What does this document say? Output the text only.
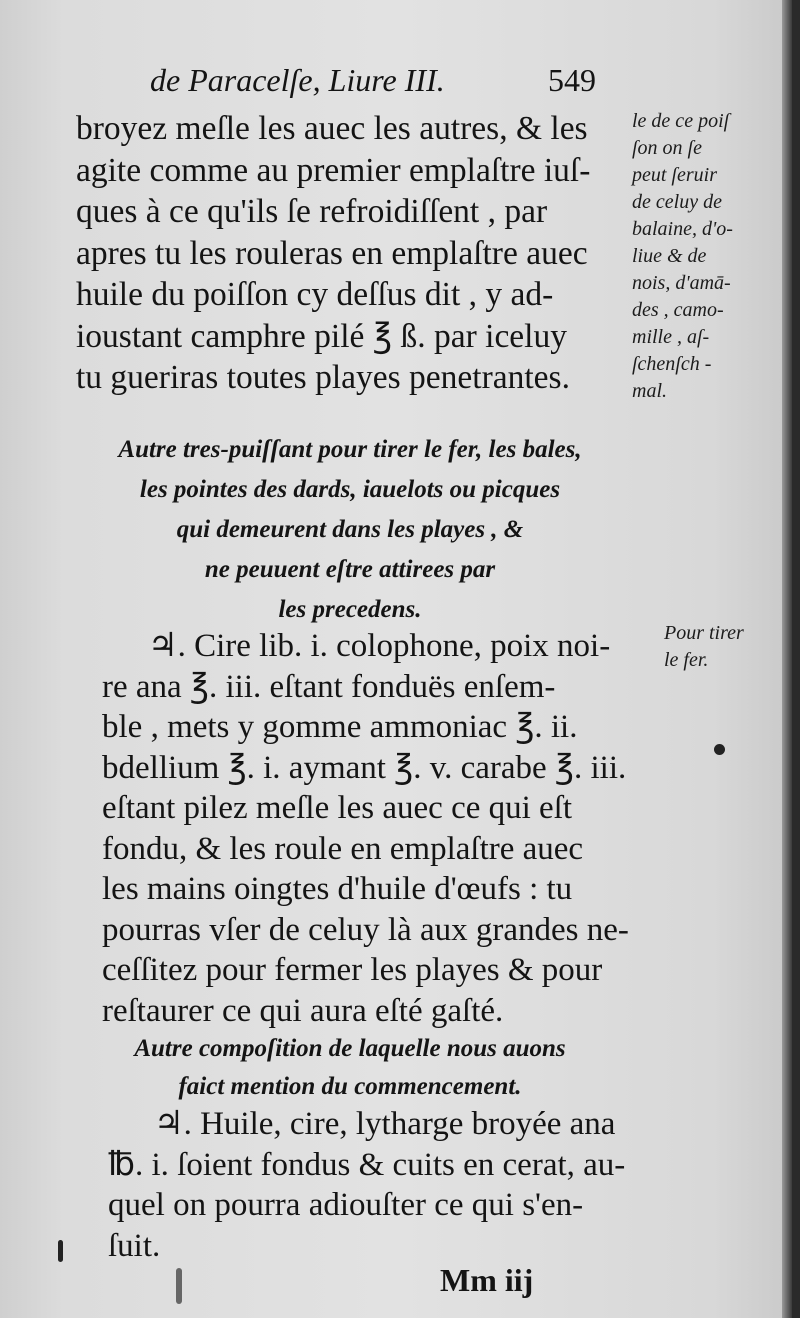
de Paracelſe, Liure III.	549
broyez meſle les auec les autres, & les
agite comme au premier emplaſtre iuſ-
ques à ce qu'ils ſe refroidiſſent , par
apres tu les rouleras en emplaſtre auec
huile du poiſſon cy deſſus dit , y ad-
ioustant camphre pilé ℥ ß. par iceluy
tu gueriras toutes playes penetrantes.
le de ce poiſ
ſon on ſe
peut ſeruir
de celuy de
balaine, d'o-
liue & de
nois, d'amā-
des , camo-
mille , aſ-
ſchenſch -
mal.
Autre tres-puiſſant pour tirer le fer, les bales,
les pointes des dards, iauelots ou picques
qui demeurent dans les playes , &
ne peuuent eſtre attirees par
les precedens.
♃. Cire lib. i. colophone, poix noi-
re ana ℥. iii. eſtant fonduës enſem-
ble , mets y gomme ammoniac ℥. ii.
bdellium ℥. i. aymant ℥. v. carabe ℥. iii.
eſtant pilez meſle les auec ce qui eſt
fondu, & les roule en emplaſtre auec
les mains oingtes d'huile d'œufs : tu
pourras vſer de celuy là aux grandes ne-
ceſſitez pour fermer les playes & pour
reſtaurer ce qui aura eſté gaſté.
Pour tirer
le fer.
Autre compoſition de laquelle nous auons
faict mention du commencement.
♃. Huile, cire, lytharge broyée ana
℔. i. ſoient fondus & cuits en cerat, au-
quel on pourra adiouſter ce qui s'en-
ſuit.
Mm iij
